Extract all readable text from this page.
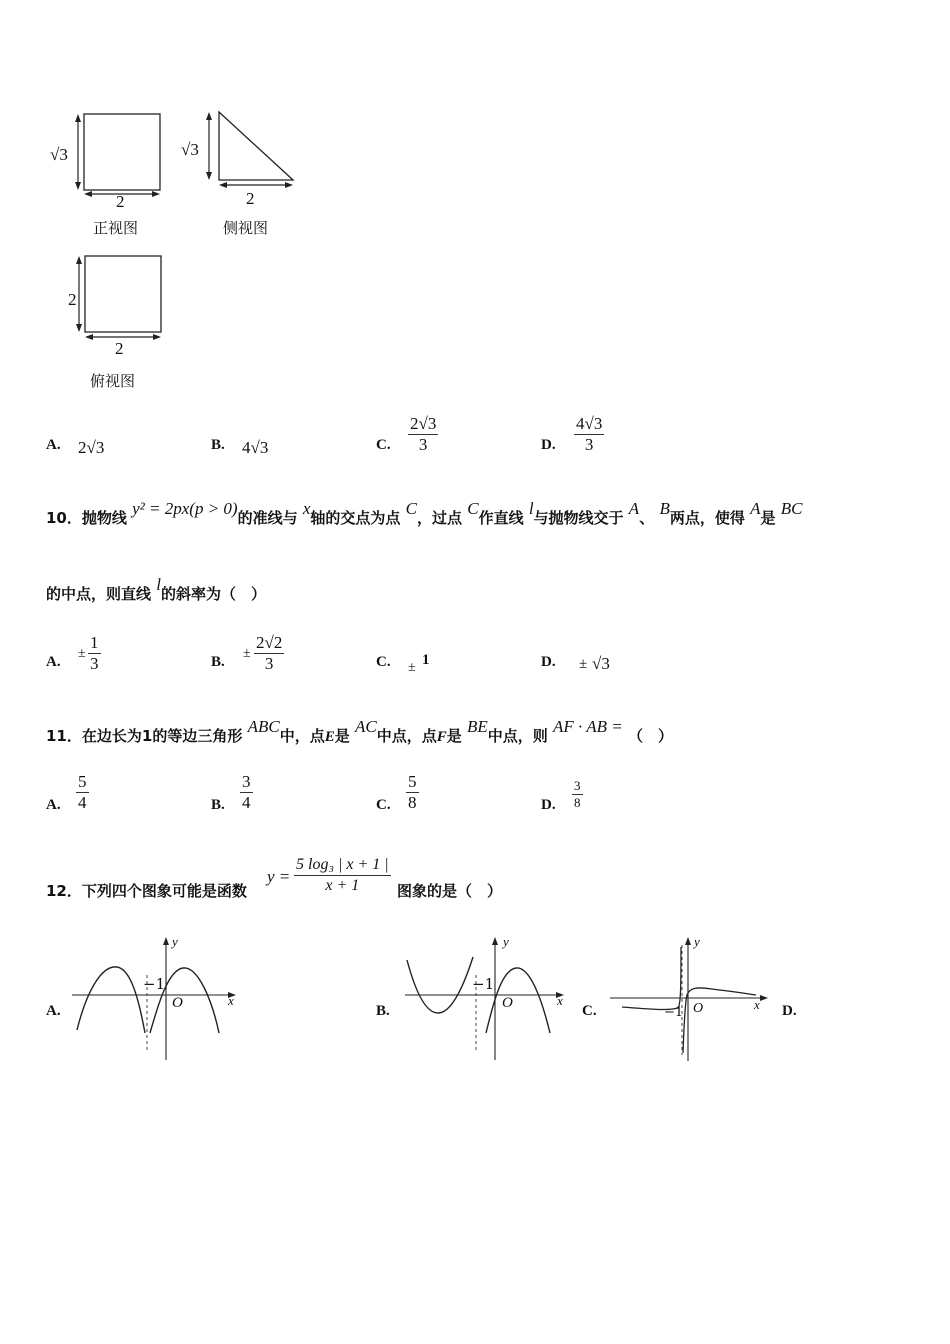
√3
2
正视图
√3
2
侧视图
2
2
俯视图
A. 2√3	B. 4√3	C. $\frac{2√3}{3}$	D. $\frac{4√3}{3}$
10．抛物线 y² = 2px(p > 0)的准线与 x轴的交点为点 C，过点 C作直线 l与抛物线交于 A、 B两点，使得 A是 BC
的中点，则直线 l的斜率为（　）
A.
± $\frac{1}{3}$	B.
± $\frac{2√2}{3}$	C. ± 1	D. ± √3
11．在边长为1的等边三角形 ABC中，点E是 AC中点，点F是 BE中点，则 AF · AB = （　）
A. $\frac{5}{4}$	B. $\frac{3}{4}$	C. $\frac{5}{8}$	D. $\frac{3}{8}$
12．下列四个图象可能是函数
$y = \frac{\text{5 log₃ | x + 1 |}}{x + 1}$ 图象的是（　）
A.
y
x
O
−1
B.
y
x
O
−1
C.
y
x
O
−1	D.
